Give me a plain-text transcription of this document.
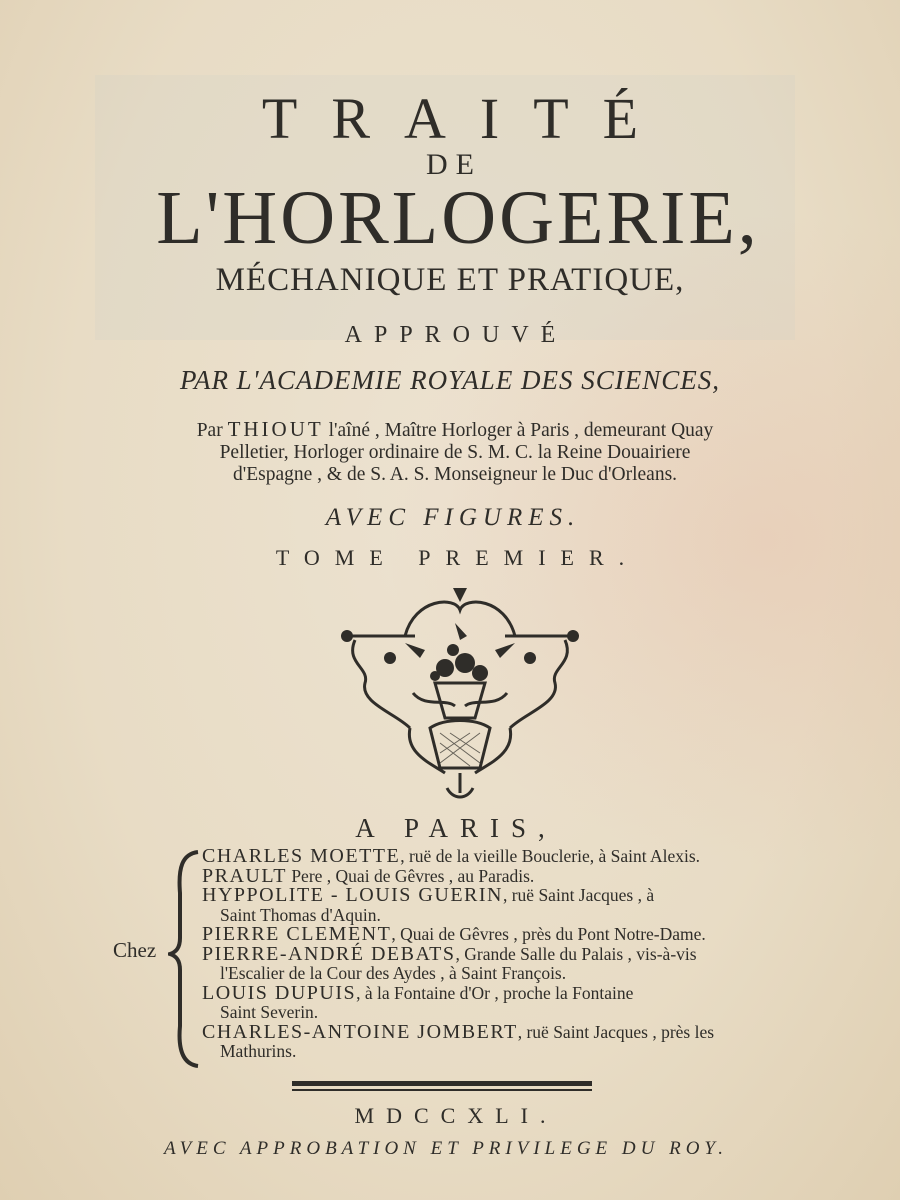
TRAITÉ
DE
L'HORLOGERIE,
MÉCHANIQUE ET PRATIQUE,
APPROUVÉ
PAR L'ACADEMIE ROYALE DES SCIENCES,
Par THIOUT l'aîné , Maître Horloger à Paris , demeurant Quay
Pelletier, Horloger ordinaire de S. M. C. la Reine Douairiere
d'Espagne , & de S. A. S. Monseigneur le Duc d'Orleans.
AVEC FIGURES.
TOME PREMIER.
A PARIS,
Chez

CHARLES MOETTE, ruë de la vieille Bouclerie, à Saint Alexis.

PRAULT Pere , Quai de Gêvres , au Paradis.

HYPPOLITE - LOUIS GUERIN, ruë Saint Jacques , à
Saint Thomas d'Aquin.

PIERRE CLEMENT, Quai de Gêvres , près du Pont Notre-Dame.

PIERRE-ANDRÉ DEBATS, Grande Salle du Palais , vis-à-vis
l'Escalier de la Cour des Aydes , à Saint François.

LOUIS DUPUIS, à la Fontaine d'Or , proche la Fontaine
Saint Severin.

CHARLES-ANTOINE JOMBERT, ruë Saint Jacques , près les
Mathurins.

MDCCXLI.
AVEC APPROBATION ET PRIVILEGE DU ROY.
